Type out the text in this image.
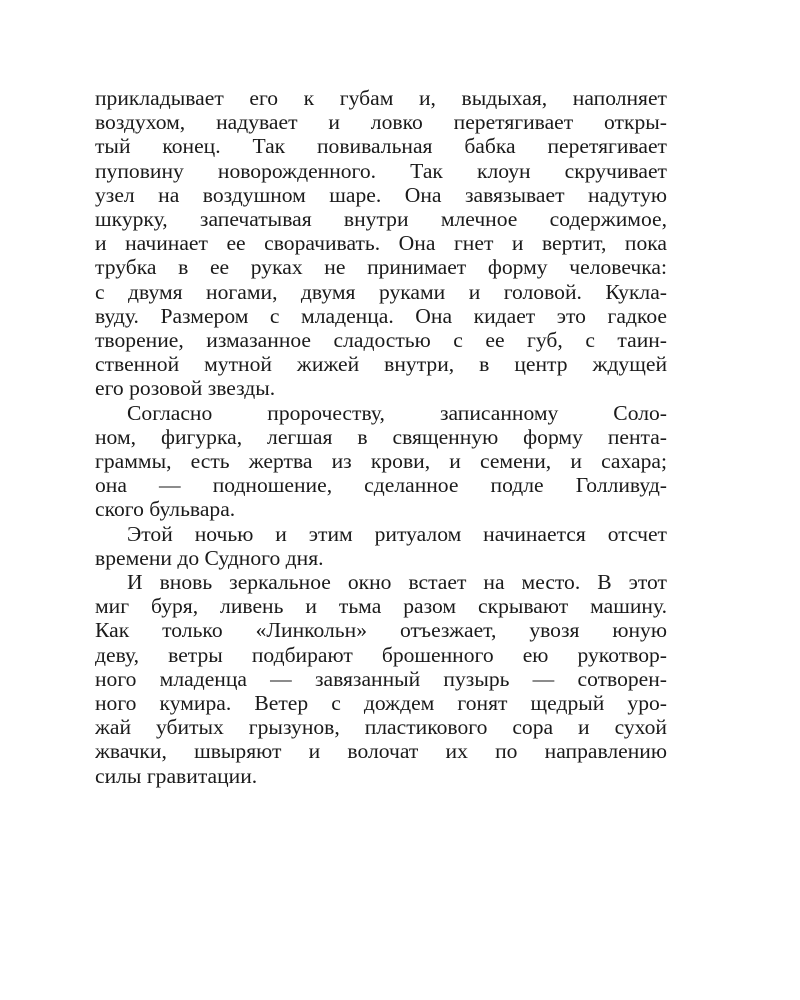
прикладывает его к губам и, выдыхая, наполняет
воздухом, надувает и ловко перетягивает откры-
тый конец. Так повивальная бабка перетягивает
пуповину новорожденного. Так клоун скручивает
узел на воздушном шаре. Она завязывает надутую
шкурку, запечатывая внутри млечное содержимое,
и начинает ее сворачивать. Она гнет и вертит, пока
трубка в ее руках не принимает форму человечка:
с двумя ногами, двумя руками и головой. Кукла-
вуду. Размером с младенца. Она кидает это гадкое
творение, измазанное сладостью с ее губ, с таин-
ственной мутной жижей внутри, в центр ждущей
его розовой звезды.
Согласно пророчеству, записанному Соло-
ном, фигурка, легшая в священную форму пента-
граммы, есть жертва из крови, и семени, и сахара;
она — подношение, сделанное подле Голливуд-
ского бульвара.
Этой ночью и этим ритуалом начинается отсчет
времени до Судного дня.
И вновь зеркальное окно встает на место. В этот
миг буря, ливень и тьма разом скрывают машину.
Как только «Линкольн» отъезжает, увозя юную
деву, ветры подбирают брошенного ею рукотвор-
ного младенца — завязанный пузырь — сотворен-
ного кумира. Ветер с дождем гонят щедрый уро-
жай убитых грызунов, пластикового сора и сухой
жвачки, швыряют и волочат их по направлению
силы гравитации.
